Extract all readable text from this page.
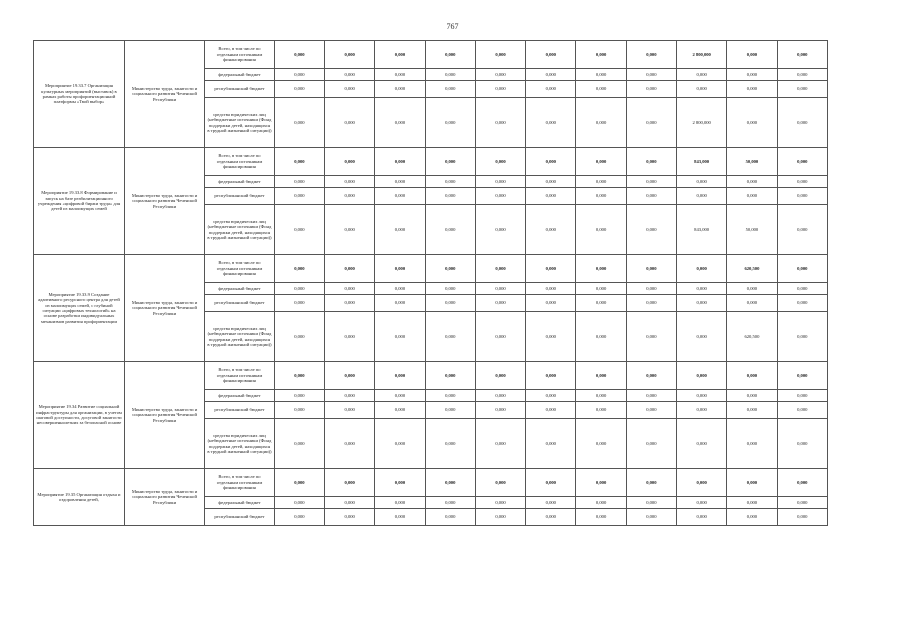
767
Мероприятие 19.33.7 Организация культурных мероприятий (выставок) в рамках работы профориентационной платформы «Твой выбор»	Министерство труда, занятости и социального развития Чеченской Республики	Всего, в том числе по отдельным источникам финансирования	0,000	0,000	0,000	0,000	0,000	0,000	0,000	0,000	2 800,000	0,000	0,000
		федеральный бюджет	0,000	0,000	0,000	0,000	0,000	0,000	0,000	0,000	0,000	0,000	0,000
		республиканский бюджет	0,000	0,000	0,000	0,000	0,000	0,000	0,000	0,000	0,000	0,000	0,000
		средства юридических лиц (небюджетные источники (Фонд поддержки детей, находящихся в трудной жизненной ситуации))	0,000	0,000	0,000	0,000	0,000	0,000	0,000	0,000	2 800,000	0,000	0,000
Мероприятие 19.33.8 Формирование и запуск на базе реабилитационного учреждения «цифровой биржи труда» для детей из малоимущих семей	Министерство труда, занятости и социального развития Чеченской Республики	Всего, в том числе по отдельным источникам финансирования	0,000	0,000	0,000	0,000	0,000	0,000	0,000	0,000	843,000	50,000	0,000
		федеральный бюджет	0,000	0,000	0,000	0,000	0,000	0,000	0,000	0,000	0,000	0,000	0,000
		республиканский бюджет	0,000	0,000	0,000	0,000	0,000	0,000	0,000	0,000	0,000	0,000	0,000
		средства юридических лиц (небюджетные источники (Фонд поддержки детей, находящихся в трудной жизненной ситуации))	0,000	0,000	0,000	0,000	0,000	0,000	0,000	0,000	843,000	50,000	0,000
Мероприятие 19.33.9 Создание адаптивного ресурсного центра для детей из малоимущих семей, с глубиной ситуации «цифровых технологий» на основе разработки индивидуальных механизмов развития профориентации	Министерство труда, занятости и социального развития Чеченской Республики	Всего, в том числе по отдельным источникам финансирования	0,000	0,000	0,000	0,000	0,000	0,000	0,000	0,000	0,000	620,500	0,000
		федеральный бюджет	0,000	0,000	0,000	0,000	0,000	0,000	0,000	0,000	0,000	0,000	0,000
		республиканский бюджет	0,000	0,000	0,000	0,000	0,000	0,000	0,000	0,000	0,000	0,000	0,000
		средства юридических лиц (небюджетные источники (Фонд поддержки детей, находящихся в трудной жизненной ситуации))	0,000	0,000	0,000	0,000	0,000	0,000	0,000	0,000	0,000	620,500	0,000
Мероприятие 19.34 Развитие социальной инфраструктуры для организации, в учетом шаговой доступности, досуговой занятости несовершеннолетних за безопасной основе	Министерство труда, занятости и социального развития Чеченской Республики	Всего, в том числе по отдельным источникам финансирования	0,000	0,000	0,000	0,000	0,000	0,000	0,000	0,000	0,000	0,000	0,000
		федеральный бюджет	0,000	0,000	0,000	0,000	0,000	0,000	0,000	0,000	0,000	0,000	0,000
		республиканский бюджет	0,000	0,000	0,000	0,000	0,000	0,000	0,000	0,000	0,000	0,000	0,000
		средства юридических лиц (небюджетные источники (Фонд поддержки детей, находящихся в трудной жизненной ситуации))	0,000	0,000	0,000	0,000	0,000	0,000	0,000	0,000	0,000	0,000	0,000
Мероприятие 19.35 Организация отдыха и оздоровления детей,	Министерство труда, занятости и социального развития Чеченской Республики	Всего, в том числе по отдельным источникам финансирования	0,000	0,000	0,000	0,000	0,000	0,000	0,000	0,000	0,000	0,000	0,000
		федеральный бюджет	0,000	0,000	0,000	0,000	0,000	0,000	0,000	0,000	0,000	0,000	0,000
		республиканский бюджет	0,000	0,000	0,000	0,000	0,000	0,000	0,000	0,000	0,000	0,000	0,000
